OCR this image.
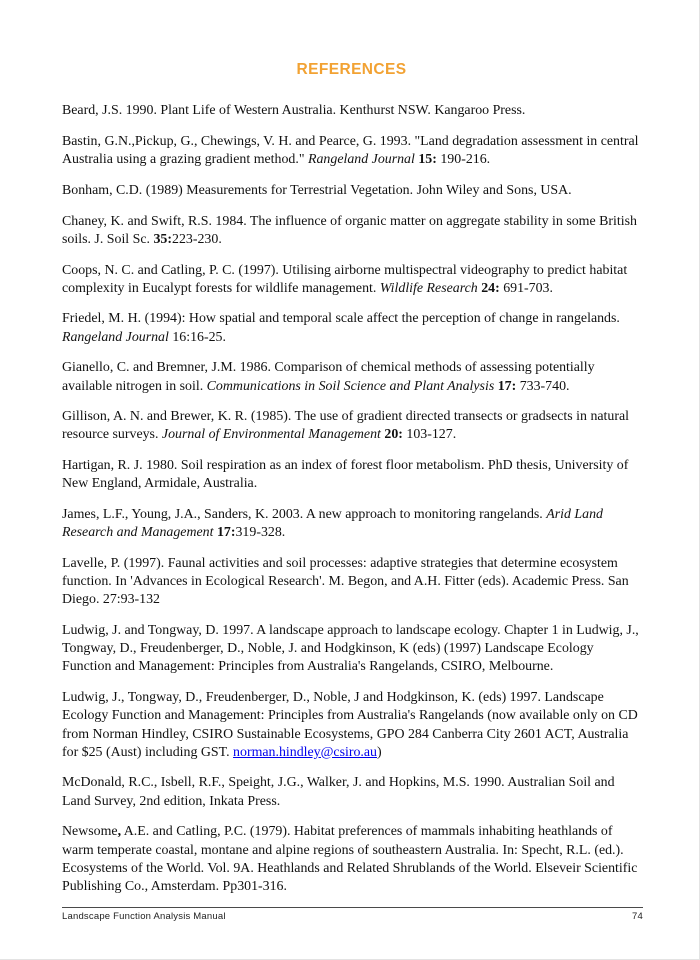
REFERENCES

Beard, J.S. 1990. Plant Life of Western Australia. Kenthurst NSW. Kangaroo Press.

Bastin, G.N.,Pickup, G., Chewings, V. H. and Pearce, G. 1993. "Land degradation assessment in central Australia using a grazing gradient method." Rangeland Journal 15: 190-216.

Bonham, C.D. (1989) Measurements for Terrestrial Vegetation. John Wiley and Sons, USA.

Chaney, K. and Swift, R.S. 1984. The influence of organic matter on aggregate stability in some British soils. J. Soil Sc. 35:223-230.

Coops, N. C. and Catling, P. C. (1997). Utilising airborne multispectral videography to predict habitat complexity in Eucalypt forests for wildlife management. Wildlife Research 24: 691-703.

Friedel, M. H. (1994): How spatial and temporal scale affect the perception of change in rangelands. Rangeland Journal 16:16-25.

Gianello, C. and Bremner, J.M. 1986. Comparison of chemical methods of assessing potentially available nitrogen in soil. Communications in Soil Science and Plant Analysis 17: 733-740.

Gillison, A. N. and Brewer, K. R. (1985). The use of gradient directed transects or gradsects in natural resource surveys. Journal of Environmental Management 20: 103-127.

Hartigan, R. J. 1980. Soil respiration as an index of forest floor metabolism. PhD thesis, University of New England, Armidale, Australia.

James, L.F., Young, J.A., Sanders, K. 2003. A new approach to monitoring rangelands. Arid Land Research and Management 17:319-328.

Lavelle, P. (1997). Faunal activities and soil processes: adaptive strategies that determine ecosystem function. In 'Advances in Ecological Research'. M. Begon, and A.H. Fitter (eds). Academic Press. San Diego. 27:93-132

Ludwig, J. and Tongway, D. 1997. A landscape approach to landscape ecology. Chapter 1 in Ludwig, J., Tongway, D., Freudenberger, D., Noble, J. and Hodgkinson, K (eds) (1997) Landscape Ecology Function and Management: Principles from Australia's Rangelands, CSIRO, Melbourne.

Ludwig, J., Tongway, D., Freudenberger, D., Noble, J and Hodgkinson, K. (eds) 1997. Landscape Ecology Function and Management: Principles from Australia's Rangelands (now available only on CD from Norman Hindley, CSIRO Sustainable Ecosystems, GPO 284 Canberra City 2601 ACT, Australia for $25 (Aust) including GST. norman.hindley@csiro.au)

McDonald, R.C., Isbell, R.F., Speight, J.G., Walker, J. and Hopkins, M.S. 1990. Australian Soil and Land Survey, 2nd edition, Inkata Press.

Newsome, A.E. and Catling, P.C. (1979). Habitat preferences of mammals inhabiting heathlands of warm temperate coastal, montane and alpine regions of southeastern Australia. In: Specht, R.L. (ed.). Ecosystems of the World. Vol. 9A. Heathlands and Related Shrublands of the World. Elseveir Scientific Publishing Co., Amsterdam. Pp301-316.

Landscape Function Analysis Manual	74
